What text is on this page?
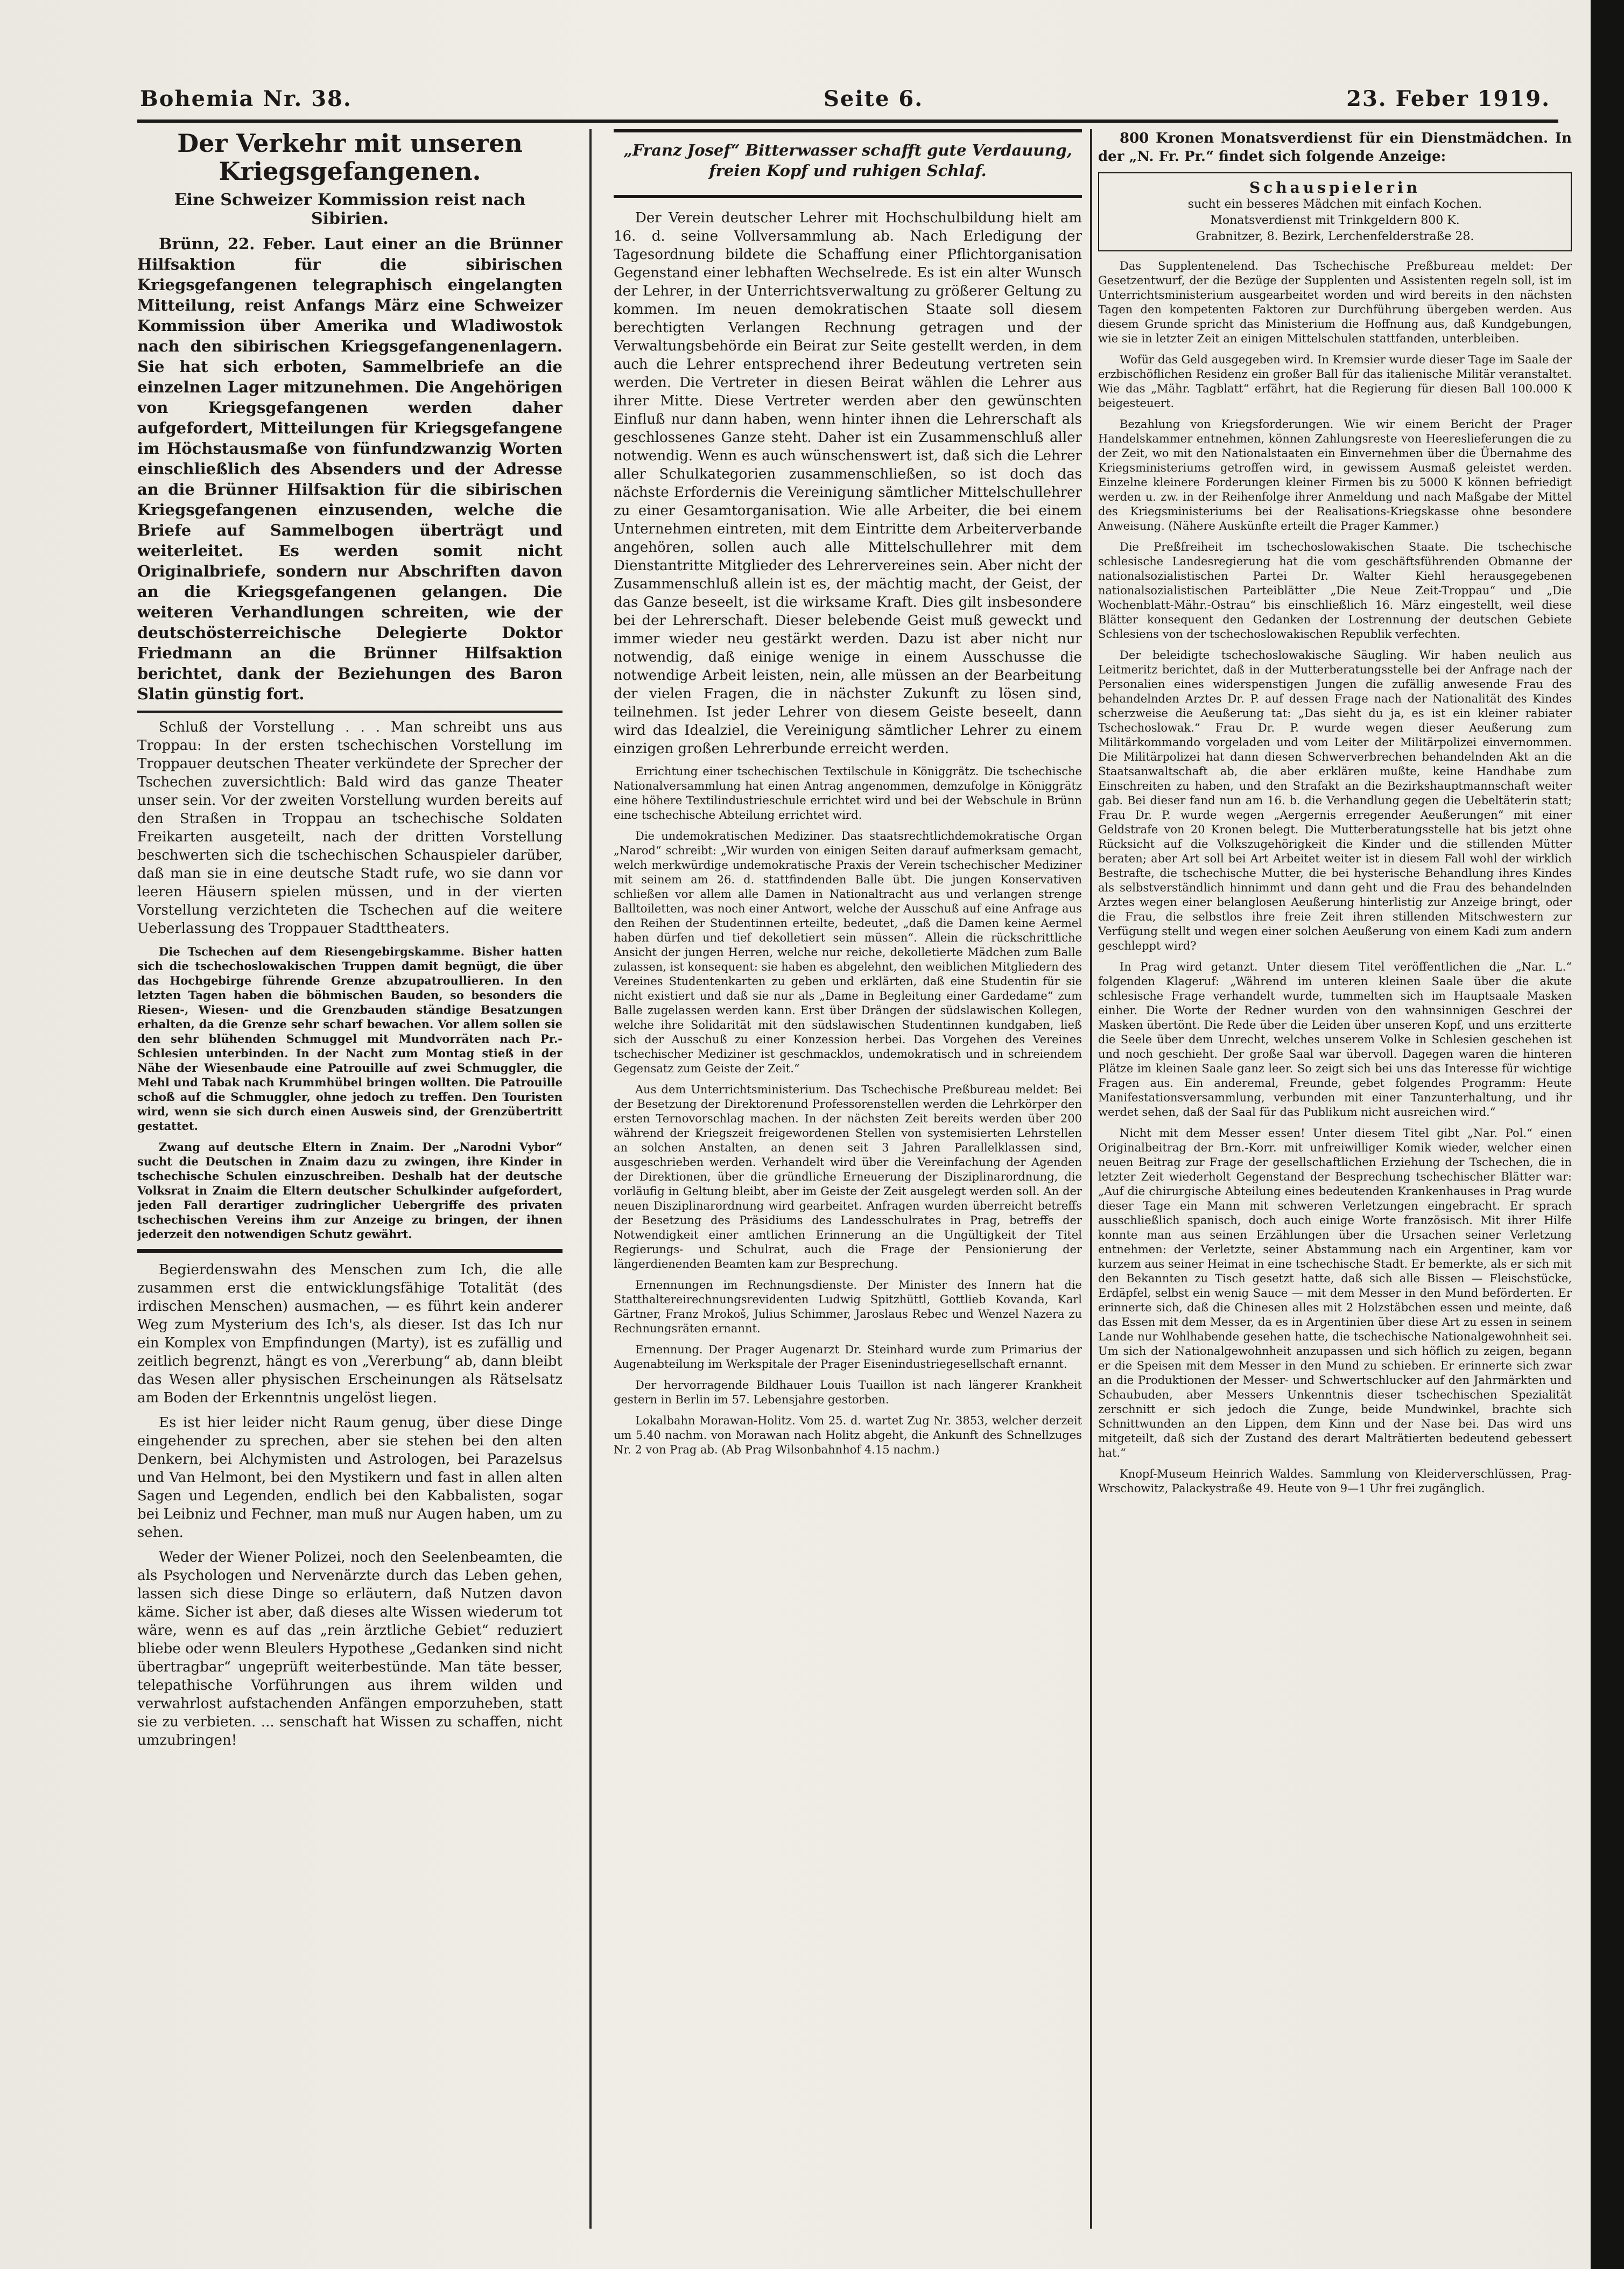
Bohemia Nr. 38.	Seite 6.	23. Feber 1919.
Der Verkehr mit unseren Kriegsgefangenen.
Eine Schweizer Kommission reist nach Sibirien.

Brünn, 22. Feber. Laut einer an die Brünner Hilfsaktion für die sibirischen Kriegsgefangenen telegraphisch eingelangten Mitteilung, reist Anfangs März eine Schweizer Kommission über Amerika und Wladiwostok nach den sibirischen Kriegsgefangenenlagern. Sie hat sich erboten, Sammelbriefe an die einzelnen Lager mitzunehmen. Die Angehörigen von Kriegsgefangenen werden daher aufgefordert, Mitteilungen für Kriegsgefangene im Höchstausmaße von fünfundzwanzig Worten einschließlich des Absenders und der Adresse an die Brünner Hilfsaktion für die sibirischen Kriegsgefangenen einzusenden, welche die Briefe auf Sammelbogen überträgt und weiterleitet. Es werden somit nicht Originalbriefe, sondern nur Abschriften davon an die Kriegsgefangenen gelangen. Die weiteren Verhandlungen schreiten, wie der deutschösterreichische Delegierte Doktor Friedmann an die Brünner Hilfsaktion berichtet, dank der Beziehungen des Baron Slatin günstig fort.

Schluß der Vorstellung . . . Man schreibt uns aus Troppau: In der ersten tschechischen Vorstellung im Troppauer deutschen Theater verkündete der Sprecher der Tschechen zuversichtlich: Bald wird das ganze Theater unser sein. Vor der zweiten Vorstellung wurden bereits auf den Straßen in Troppau an tschechische Soldaten Freikarten ausgeteilt, nach der dritten Vorstellung beschwerten sich die tschechischen Schauspieler darüber, daß man sie in eine deutsche Stadt rufe, wo sie dann vor leeren Häusern spielen müssen, und in der vierten Vorstellung verzichteten die Tschechen auf die weitere Ueberlassung des Troppauer Stadttheaters.

Die Tschechen auf dem Riesengebirgskamme. Bisher hatten sich die tschechoslowakischen Truppen damit begnügt, die über das Hochgebirge führende Grenze abzupatroullieren. In den letzten Tagen haben die böhmischen Bauden, so besonders die Riesen-, Wiesen- und die Grenzbauden ständige Besatzungen erhalten, da die Grenze sehr scharf bewachen. Vor allem sollen sie den sehr blühenden Schmuggel mit Mundvorräten nach Pr.-Schlesien unterbinden. In der Nacht zum Montag stieß in der Nähe der Wiesenbaude eine Patrouille auf zwei Schmuggler, die Mehl und Tabak nach Krummhübel bringen wollten. Die Patrouille schoß auf die Schmuggler, ohne jedoch zu treffen. Den Touristen wird, wenn sie sich durch einen Ausweis sind, der Grenzübertritt gestattet.

Zwang auf deutsche Eltern in Znaim. Der „Narodni Vybor“ sucht die Deutschen in Znaim dazu zu zwingen, ihre Kinder in tschechische Schulen einzuschreiben. Deshalb hat der deutsche Volksrat in Znaim die Eltern deutscher Schulkinder aufgefordert, jeden Fall derartiger zudringlicher Uebergriffe des privaten tschechischen Vereins ihm zur Anzeige zu bringen, der ihnen jederzeit den notwendigen Schutz gewährt.

Begierdenswahn des Menschen zum Ich, die alle zusammen erst die entwicklungsfähige Totalität (des irdischen Menschen) ausmachen, — es führt kein anderer Weg zum Mysterium des Ich's, als dieser. Ist das Ich nur ein Komplex von Empfindungen (Marty), ist es zufällig und zeitlich begrenzt, hängt es von „Vererbung“ ab, dann bleibt das Wesen aller physischen Erscheinungen als Rätselsatz am Boden der Erkenntnis ungelöst liegen.

Es ist hier leider nicht Raum genug, über diese Dinge eingehender zu sprechen, aber sie stehen bei den alten Denkern, bei Alchymisten und Astrologen, bei Parazelsus und Van Helmont, bei den Mystikern und fast in allen alten Sagen und Legenden, endlich bei den Kabbalisten, sogar bei Leibniz und Fechner, man muß nur Augen haben, um zu sehen.

Weder der Wiener Polizei, noch den Seelenbeamten, die als Psychologen und Nervenärzte durch das Leben gehen, lassen sich diese Dinge so erläutern, daß Nutzen davon käme. Sicher ist aber, daß dieses alte Wissen wiederum tot wäre, wenn es auf das „rein ärztliche Gebiet“ reduziert bliebe oder wenn Bleulers Hypothese „Gedanken sind nicht übertragbar“ ungeprüft weiterbestünde. Man täte besser, telepathische Vorführungen aus ihrem wilden und verwahrlost aufstachenden Anfängen emporzuheben, statt sie zu verbieten. ... senschaft hat Wissen zu schaffen, nicht umzubringen!

„Franz Josef“ Bitterwasser schafft gute Verdauung, freien Kopf und ruhigen Schlaf.

Der Verein deutscher Lehrer mit Hochschulbildung hielt am 16. d. seine Vollversammlung ab. Nach Erledigung der Tagesordnung bildete die Schaffung einer Pflichtorganisation Gegenstand einer lebhaften Wechselrede. Es ist ein alter Wunsch der Lehrer, in der Unterrichtsverwaltung zu größerer Geltung zu kommen. Im neuen demokratischen Staate soll diesem berechtigten Verlangen Rechnung getragen und der Verwaltungsbehörde ein Beirat zur Seite gestellt werden, in dem auch die Lehrer entsprechend ihrer Bedeutung vertreten sein werden. Die Vertreter in diesen Beirat wählen die Lehrer aus ihrer Mitte. Diese Vertreter werden aber den gewünschten Einfluß nur dann haben, wenn hinter ihnen die Lehrerschaft als geschlossenes Ganze steht. Daher ist ein Zusammenschluß aller notwendig. Wenn es auch wünschenswert ist, daß sich die Lehrer aller Schulkategorien zusammenschließen, so ist doch das nächste Erfordernis die Vereinigung sämtlicher Mittelschullehrer zu einer Gesamtorganisation. Wie alle Arbeiter, die bei einem Unternehmen eintreten, mit dem Eintritte dem Arbeiterverbande angehören, sollen auch alle Mittelschullehrer mit dem Dienstantritte Mitglieder des Lehrervereines sein. Aber nicht der Zusammenschluß allein ist es, der mächtig macht, der Geist, der das Ganze beseelt, ist die wirksame Kraft. Dies gilt insbesondere bei der Lehrerschaft. Dieser belebende Geist muß geweckt und immer wieder neu gestärkt werden. Dazu ist aber nicht nur notwendig, daß einige wenige in einem Ausschusse die notwendige Arbeit leisten, nein, alle müssen an der Bearbeitung der vielen Fragen, die in nächster Zukunft zu lösen sind, teilnehmen. Ist jeder Lehrer von diesem Geiste beseelt, dann wird das Idealziel, die Vereinigung sämtlicher Lehrer zu einem einzigen großen Lehrerbunde erreicht werden.

Errichtung einer tschechischen Textilschule in Königgrätz. Die tschechische Nationalversammlung hat einen Antrag angenommen, demzufolge in Königgrätz eine höhere Textilindustrieschule errichtet wird und bei der Webschule in Brünn eine tschechische Abteilung errichtet wird.

Die undemokratischen Mediziner. Das staatsrechtlichdemokratische Organ „Narod“ schreibt: „Wir wurden von einigen Seiten darauf aufmerksam gemacht, welch merkwürdige undemokratische Praxis der Verein tschechischer Mediziner mit seinem am 26. d. stattfindenden Balle übt. Die jungen Konservativen schließen vor allem alle Damen in Nationaltracht aus und verlangen strenge Balltoiletten, was noch einer Antwort, welche der Ausschuß auf eine Anfrage aus den Reihen der Studentinnen erteilte, bedeutet, „daß die Damen keine Aermel haben dürfen und tief dekolletiert sein müssen“. Allein die rückschrittliche Ansicht der jungen Herren, welche nur reiche, dekolletierte Mädchen zum Balle zulassen, ist konsequent: sie haben es abgelehnt, den weiblichen Mitgliedern des Vereines Studentenkarten zu geben und erklärten, daß eine Studentin für sie nicht existiert und daß sie nur als „Dame in Begleitung einer Gardedame“ zum Balle zugelassen werden kann. Erst über Drängen der südslawischen Kollegen, welche ihre Solidarität mit den südslawischen Studentinnen kundgaben, ließ sich der Ausschuß zu einer Konzession herbei. Das Vorgehen des Vereines tschechischer Mediziner ist geschmacklos, undemokratisch und in schreiendem Gegensatz zum Geiste der Zeit.“

Aus dem Unterrichtsministerium. Das Tschechische Preßbureau meldet: Bei der Besetzung der Direktorenund Professorenstellen werden die Lehrkörper den ersten Ternovorschlag machen. In der nächsten Zeit bereits werden über 200 während der Kriegszeit freigewordenen Stellen von systemisierten Lehrstellen an solchen Anstalten, an denen seit 3 Jahren Parallelklassen sind, ausgeschrieben werden. Verhandelt wird über die Vereinfachung der Agenden der Direktionen, über die gründliche Erneuerung der Disziplinarordnung, die vorläufig in Geltung bleibt, aber im Geiste der Zeit ausgelegt werden soll. An der neuen Disziplinarordnung wird gearbeitet. Anfragen wurden überreicht betreffs der Besetzung des Präsidiums des Landesschulrates in Prag, betreffs der Notwendigkeit einer amtlichen Erinnerung an die Ungültigkeit der Titel Regierungs- und Schulrat, auch die Frage der Pensionierung der längerdienenden Beamten kam zur Besprechung.

Ernennungen im Rechnungsdienste. Der Minister des Innern hat die Statthaltereirechnungsrevidenten Ludwig Spitzhüttl, Gottlieb Kovanda, Karl Gärtner, Franz Mrokoš, Julius Schimmer, Jaroslaus Rebec und Wenzel Nazera zu Rechnungsräten ernannt.

Ernennung. Der Prager Augenarzt Dr. Steinhard wurde zum Primarius der Augenabteilung im Werkspitale der Prager Eisenindustriegesellschaft ernannt.

Der hervorragende Bildhauer Louis Tuaillon ist nach längerer Krankheit gestern in Berlin im 57. Lebensjahre gestorben.

Lokalbahn Morawan-Holitz. Vom 25. d. wartet Zug Nr. 3853, welcher derzeit um 5.40 nachm. von Morawan nach Holitz abgeht, die Ankunft des Schnellzuges Nr. 2 von Prag ab. (Ab Prag Wilsonbahnhof 4.15 nachm.)

800 Kronen Monatsverdienst für ein Dienstmädchen. In der „N. Fr. Pr.“ findet sich folgende Anzeige:

Schauspielerin
sucht ein besseres Mädchen mit einfach Kochen.
Monatsverdienst mit Trinkgeldern 800 K.
Grabnitzer, 8. Bezirk, Lerchenfelderstraße 28.

Das Supplentenelend. Das Tschechische Preßbureau meldet: Der Gesetzentwurf, der die Bezüge der Supplenten und Assistenten regeln soll, ist im Unterrichtsministerium ausgearbeitet worden und wird bereits in den nächsten Tagen den kompetenten Faktoren zur Durchführung übergeben werden. Aus diesem Grunde spricht das Ministerium die Hoffnung aus, daß Kundgebungen, wie sie in letzter Zeit an einigen Mittelschulen stattfanden, unterbleiben.

Wofür das Geld ausgegeben wird. In Kremsier wurde dieser Tage im Saale der erzbischöflichen Residenz ein großer Ball für das italienische Militär veranstaltet. Wie das „Mähr. Tagblatt“ erfährt, hat die Regierung für diesen Ball 100.000 K beigesteuert.

Bezahlung von Kriegsforderungen. Wie wir einem Bericht der Prager Handelskammer entnehmen, können Zahlungsreste von Heereslieferungen die zu der Zeit, wo mit den Nationalstaaten ein Einvernehmen über die Übernahme des Kriegsministeriums getroffen wird, in gewissem Ausmaß geleistet werden. Einzelne kleinere Forderungen kleiner Firmen bis zu 5000 K können befriedigt werden u. zw. in der Reihenfolge ihrer Anmeldung und nach Maßgabe der Mittel des Kriegsministeriums bei der Realisations-Kriegskasse ohne besondere Anweisung. (Nähere Auskünfte erteilt die Prager Kammer.)

Die Preßfreiheit im tschechoslowakischen Staate. Die tschechische schlesische Landesregierung hat die vom geschäftsführenden Obmanne der nationalsozialistischen Partei Dr. Walter Kiehl herausgegebenen nationalsozialistischen Parteiblätter „Die Neue Zeit-Troppau“ und „Die Wochenblatt-Mähr.-Ostrau“ bis einschließlich 16. März eingestellt, weil diese Blätter konsequent den Gedanken der Lostrennung der deutschen Gebiete Schlesiens von der tschechoslowakischen Republik verfechten.

Der beleidigte tschechoslowakische Säugling. Wir haben neulich aus Leitmeritz berichtet, daß in der Mutterberatungsstelle bei der Anfrage nach der Personalien eines widerspenstigen Jungen die zufällig anwesende Frau des behandelnden Arztes Dr. P. auf dessen Frage nach der Nationalität des Kindes scherzweise die Aeußerung tat: „Das sieht du ja, es ist ein kleiner rabiater Tschechoslowak.“ Frau Dr. P. wurde wegen dieser Aeußerung zum Militärkommando vorgeladen und vom Leiter der Militärpolizei einvernommen. Die Militärpolizei hat dann diesen Schwerverbrechen behandelnden Akt an die Staatsanwaltschaft ab, die aber erklären mußte, keine Handhabe zum Einschreiten zu haben, und den Strafakt an die Bezirkshauptmannschaft weiter gab. Bei dieser fand nun am 16. b. die Verhandlung gegen die Uebeltäterin statt; Frau Dr. P. wurde wegen „Aergernis erregender Aeußerungen“ mit einer Geldstrafe von 20 Kronen belegt. Die Mutterberatungsstelle hat bis jetzt ohne Rücksicht auf die Volkszugehörigkeit die Kinder und die stillenden Mütter beraten; aber Art soll bei Art Arbeitet weiter ist in diesem Fall wohl der wirklich Bestrafte, die tschechische Mutter, die bei hysterische Behandlung ihres Kindes als selbstverständlich hinnimmt und dann geht und die Frau des behandelnden Arztes wegen einer belanglosen Aeußerung hinterlistig zur Anzeige bringt, oder die Frau, die selbstlos ihre freie Zeit ihren stillenden Mitschwestern zur Verfügung stellt und wegen einer solchen Aeußerung von einem Kadi zum andern geschleppt wird?

In Prag wird getanzt. Unter diesem Titel veröffentlichen die „Nar. L.“ folgenden Klageruf: „Während im unteren kleinen Saale über die akute schlesische Frage verhandelt wurde, tummelten sich im Hauptsaale Masken einher. Die Worte der Redner wurden von den wahnsinnigen Geschrei der Masken übertönt. Die Rede über die Leiden über unseren Kopf, und uns erzitterte die Seele über dem Unrecht, welches unserem Volke in Schlesien geschehen ist und noch geschieht. Der große Saal war übervoll. Dagegen waren die hinteren Plätze im kleinen Saale ganz leer. So zeigt sich bei uns das Interesse für wichtige Fragen aus. Ein anderemal, Freunde, gebet folgendes Programm: Heute Manifestationsversammlung, verbunden mit einer Tanzunterhaltung, und ihr werdet sehen, daß der Saal für das Publikum nicht ausreichen wird.“

Nicht mit dem Messer essen! Unter diesem Titel gibt „Nar. Pol.“ einen Originalbeitrag der Brn.-Korr. mit unfreiwilliger Komik wieder, welcher einen neuen Beitrag zur Frage der gesellschaftlichen Erziehung der Tschechen, die in letzter Zeit wiederholt Gegenstand der Besprechung tschechischer Blätter war: „Auf die chirurgische Abteilung eines bedeutenden Krankenhauses in Prag wurde dieser Tage ein Mann mit schweren Verletzungen eingebracht. Er sprach ausschließlich spanisch, doch auch einige Worte französisch. Mit ihrer Hilfe konnte man aus seinen Erzählungen über die Ursachen seiner Verletzung entnehmen: der Verletzte, seiner Abstammung nach ein Argentiner, kam vor kurzem aus seiner Heimat in eine tschechische Stadt. Er bemerkte, als er sich mit den Bekannten zu Tisch gesetzt hatte, daß sich alle Bissen — Fleischstücke, Erdäpfel, selbst ein wenig Sauce — mit dem Messer in den Mund beförderten. Er erinnerte sich, daß die Chinesen alles mit 2 Holzstäbchen essen und meinte, daß das Essen mit dem Messer, da es in Argentinien über diese Art zu essen in seinem Lande nur Wohlhabende gesehen hatte, die tschechische Nationalgewohnheit sei. Um sich der Nationalgewohnheit anzupassen und sich höflich zu zeigen, begann er die Speisen mit dem Messer in den Mund zu schieben. Er erinnerte sich zwar an die Produktionen der Messer- und Schwertschlucker auf den Jahrmärkten und Schaubuden, aber Messers Unkenntnis dieser tschechischen Spezialität zerschnitt er sich jedoch die Zunge, beide Mundwinkel, brachte sich Schnittwunden an den Lippen, dem Kinn und der Nase bei. Das wird uns mitgeteilt, daß sich der Zustand des derart Malträtierten bedeutend gebessert hat.“

Knopf-Museum Heinrich Waldes. Sammlung von Kleiderverschlüssen, Prag-Wrschowitz, Palackystraße 49. Heute von 9—1 Uhr frei zugänglich.
